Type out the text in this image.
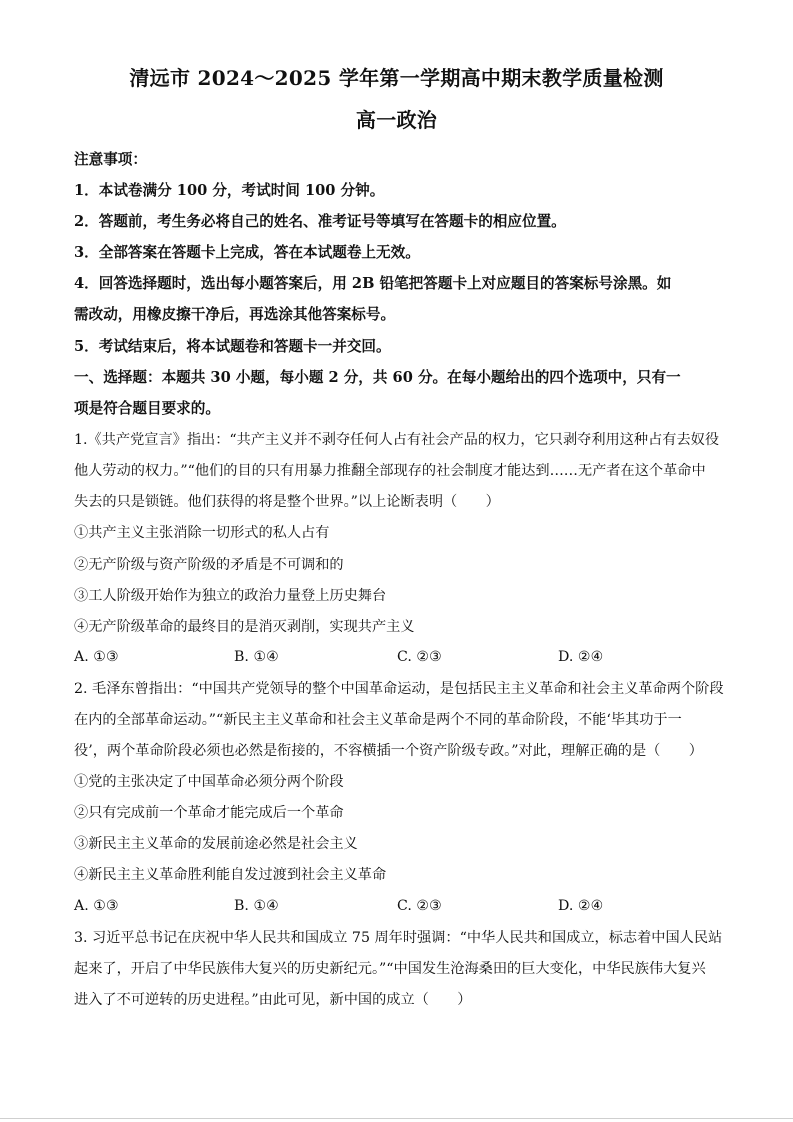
清远市 2024～2025 学年第一学期高中期末教学质量检测
高一政治
注意事项：
1．本试卷满分 100 分，考试时间 100 分钟。
2．答题前，考生务必将自己的姓名、准考证号等填写在答题卡的相应位置。
3．全部答案在答题卡上完成，答在本试题卷上无效。
4．回答选择题时，选出每小题答案后，用 2B 铅笔把答题卡上对应题目的答案标号涂黑。如
需改动，用橡皮擦干净后，再选涂其他答案标号。
5．考试结束后，将本试题卷和答题卡一并交回。
一、选择题：本题共 30 小题，每小题 2 分，共 60 分。在每小题给出的四个选项中，只有一
项是符合题目要求的。
1.《共产党宣言》指出：“共产主义并不剥夺任何人占有社会产品的权力，它只剥夺利用这种占有去奴役
他人劳动的权力。”“他们的目的只有用暴力推翻全部现存的社会制度才能达到……无产者在这个革命中
失去的只是锁链。他们获得的将是整个世界。”以上论断表明（　　）
①共产主义主张消除一切形式的私人占有
②无产阶级与资产阶级的矛盾是不可调和的
③工人阶级开始作为独立的政治力量登上历史舞台
④无产阶级革命的最终目的是消灭剥削，实现共产主义
A. ①③	B. ①④	C. ②③	D. ②④
2. 毛泽东曾指出：“中国共产党领导的整个中国革命运动，是包括民主主义革命和社会主义革命两个阶段
在内的全部革命运动。”“新民主主义革命和社会主义革命是两个不同的革命阶段，不能‘毕其功于一
役’，两个革命阶段必须也必然是衔接的，不容横插一个资产阶级专政。”对此，理解正确的是（　　）
①党的主张决定了中国革命必须分两个阶段
②只有完成前一个革命才能完成后一个革命
③新民主主义革命的发展前途必然是社会主义
④新民主主义革命胜利能自发过渡到社会主义革命
A. ①③	B. ①④	C. ②③	D. ②④
3. 习近平总书记在庆祝中华人民共和国成立 75 周年时强调：“中华人民共和国成立，标志着中国人民站
起来了，开启了中华民族伟大复兴的历史新纪元。”“中国发生沧海桑田的巨大变化，中华民族伟大复兴
进入了不可逆转的历史进程。”由此可见，新中国的成立（　　）
